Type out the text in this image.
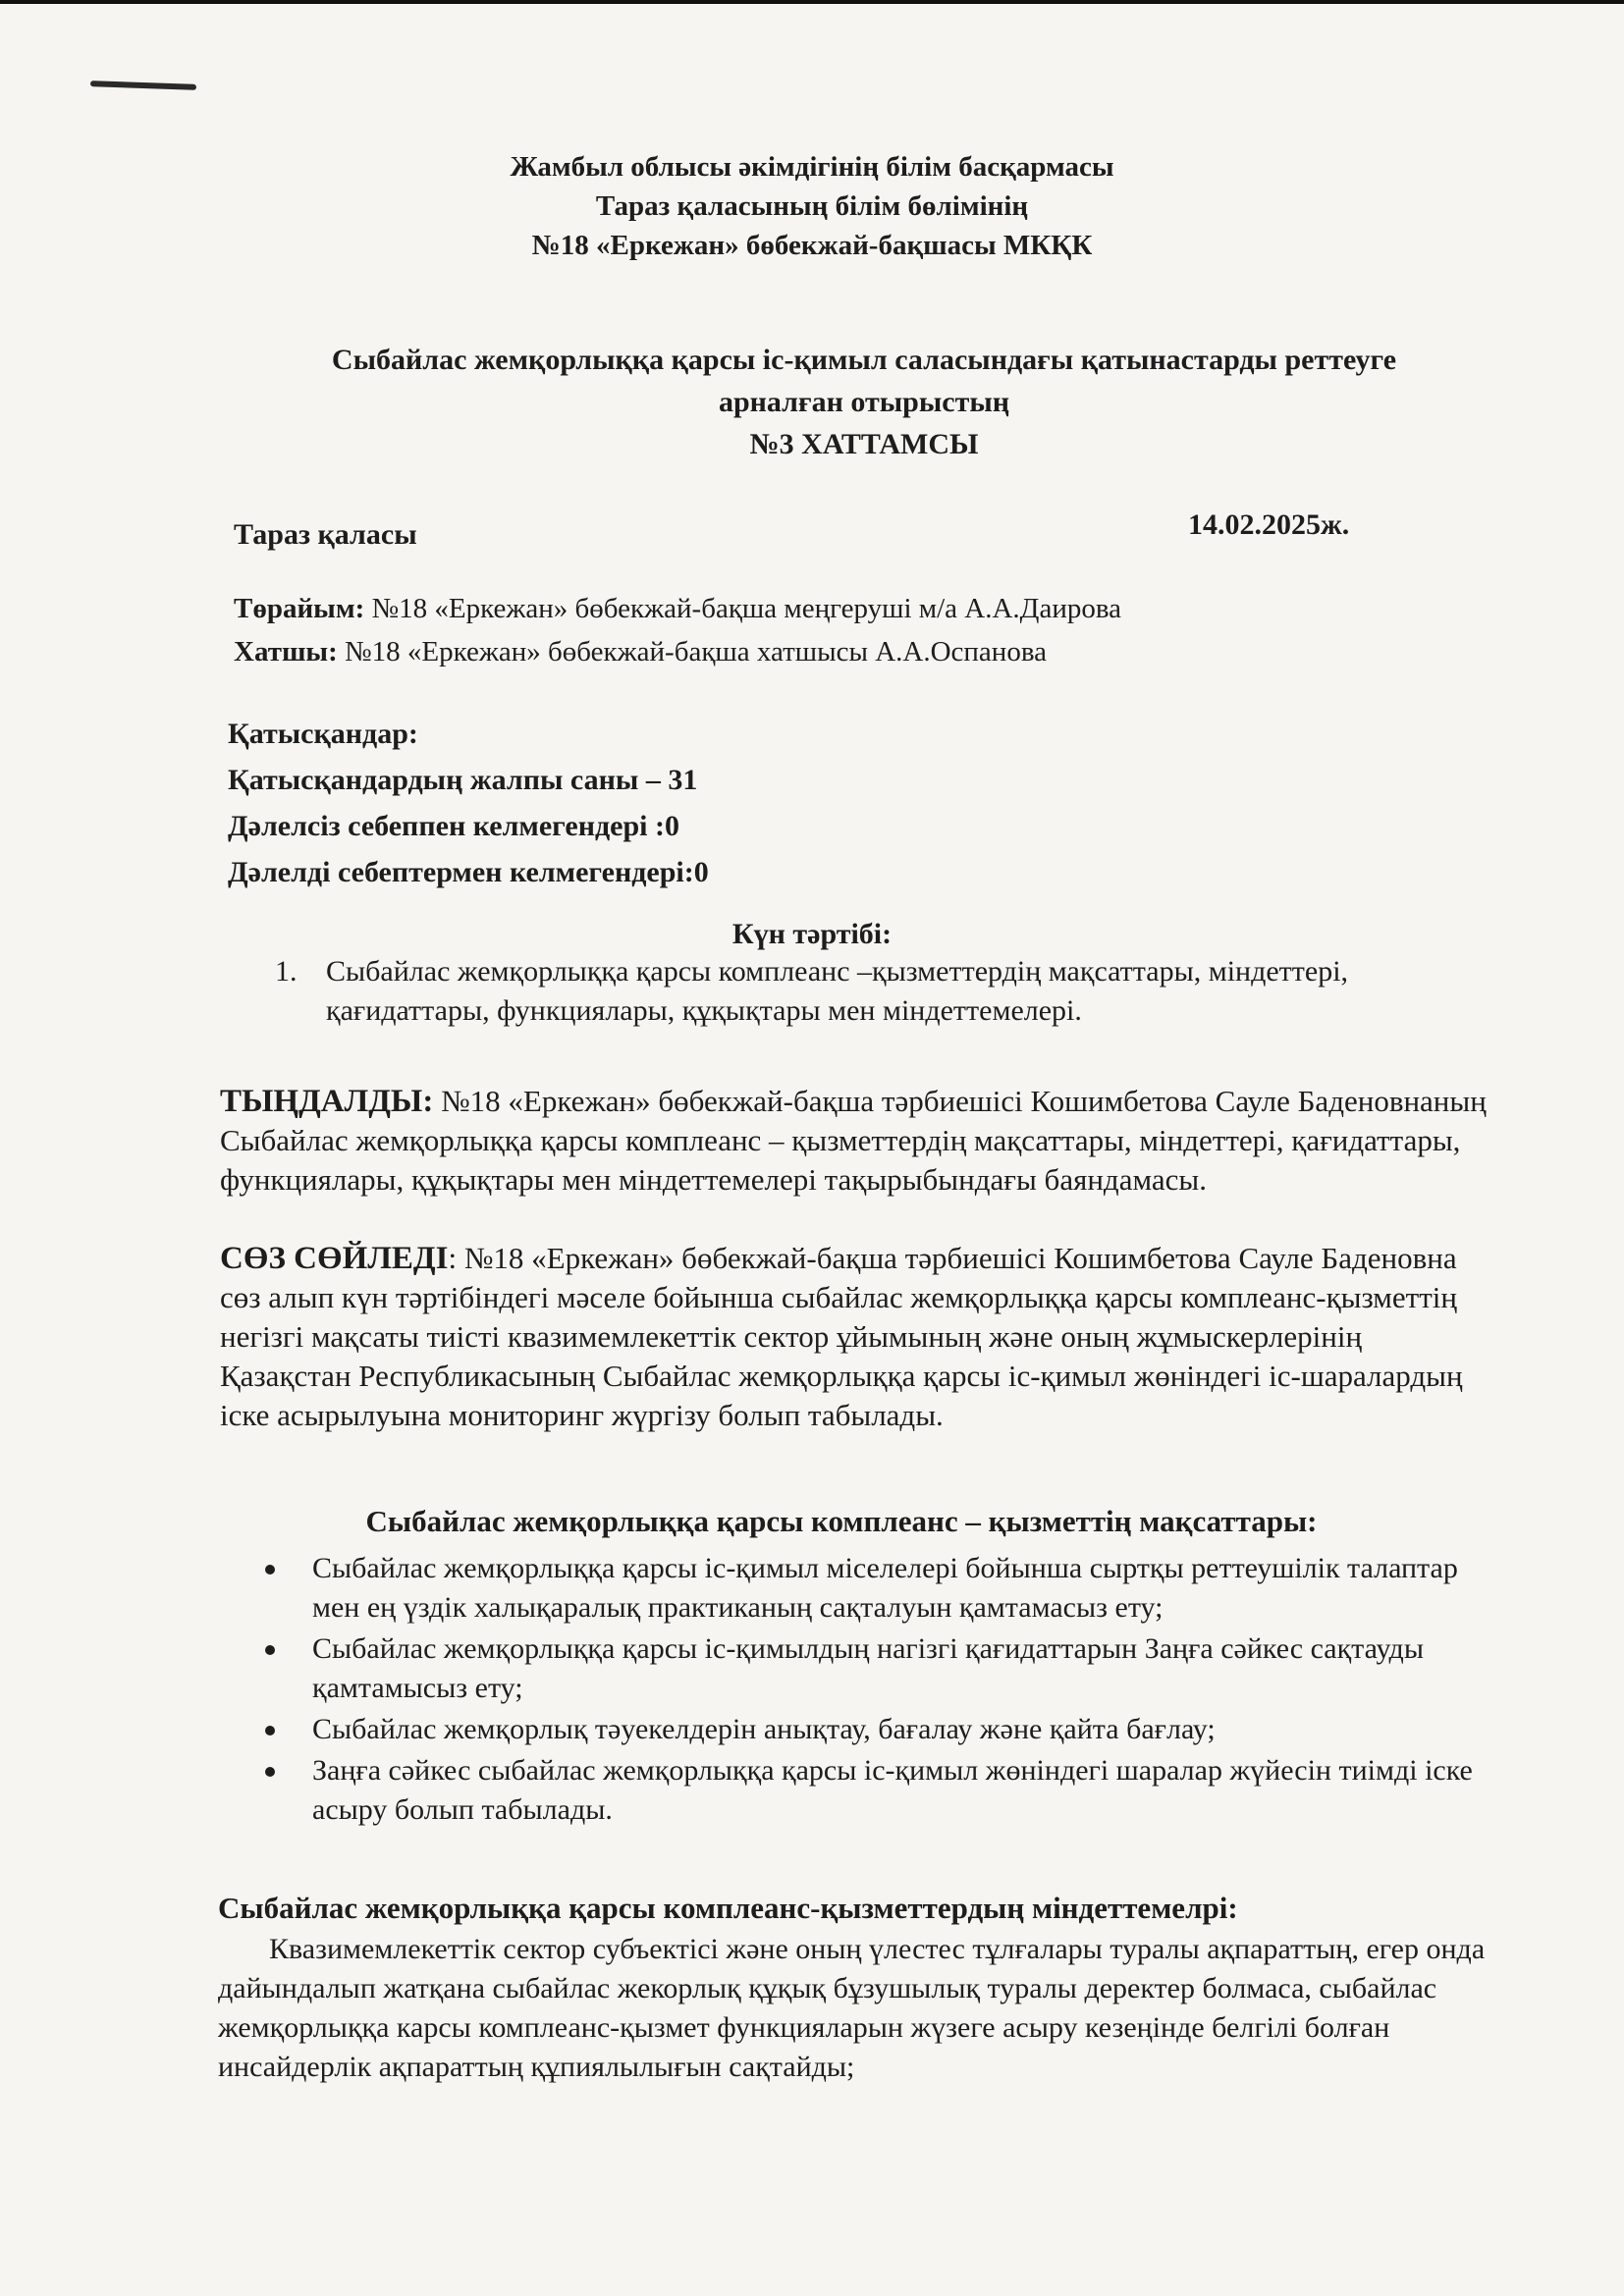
Жамбыл облысы әкімдігінің білім басқармасы
Тараз қаласының білім бөлімінің
№18 «Еркежан» бөбекжай-бақшасы МКҚК
Сыбайлас жемқорлыққа қарсы іс-қимыл саласындағы қатынастарды реттеуге
арналған отырыстың
№3 ХАТТАМСЫ
Тараз қаласы	14.02.2025ж.
Төрайым: №18 «Еркежан» бөбекжай-бақша меңгеруші м/а А.А.Даирова
Хатшы: №18 «Еркежан» бөбекжай-бақша хатшысы А.А.Оспанова
Қатысқандар:
Қатысқандардың жалпы саны – 31
Дәлелсіз себеппен келмегендері :0
Дәлелді себептермен келмегендері:0
Күн тәртібі:
1. Сыбайлас жемқорлыққа қарсы комплеанс –қызметтердің мақсаттары, міндеттері, қағидаттары, функциялары, құқықтары мен міндеттемелері.
ТЫҢДАЛДЫ: №18 «Еркежан» бөбекжай-бақша тәрбиешісі Кошимбетова Сауле Баденовнаның Сыбайлас жемқорлыққа қарсы комплеанс – қызметтердің мақсаттары, міндеттері, қағидаттары, функциялары, құқықтары мен міндеттемелері тақырыбындағы баяндамасы.
СӨЗ СӨЙЛЕДІ: №18 «Еркежан» бөбекжай-бақша тәрбиешісі Кошимбетова Сауле Баденовна сөз алып күн тәртібіндегі мәселе бойынша сыбайлас жемқорлыққа қарсы комплеанс-қызметтің негізгі мақсаты тиісті квазимемлекеттік сектор ұйымының және оның жұмыскерлерінің Қазақстан Республикасының Сыбайлас жемқорлыққа қарсы іс-қимыл жөніндегі іс-шаралардың іске асырылуына мониторинг жүргізу болып табылады.
Сыбайлас жемқорлыққа қарсы комплеанс – қызметтің мақсаттары:
Сыбайлас жемқорлыққа қарсы іс-қимыл мiселелерi бойынша сыртқы реттеушілік талаптар мен ең үздік халықаралық практиканың сақталуын қамтамасыз ету;
Сыбайлас жемқорлыққа қарсы іс-қимылдың нагізгі қағидаттарын Заңға сәйкес сақтауды қамтамысыз ету;
Сыбайлас жемқорлық тәуекелдерін анықтау, бағалау және қайта бағлау;
Заңға сәйкес сыбайлас жемқорлыққа қарсы іс-қимыл жөніндегі шаралар жүйесін тиімді іске асыру болып табылады.
Сыбайлас жемқорлыққа қарсы комплеанс-қызметтердың міндеттемелрі:
Квазимемлекеттік сектор субъектісі және оның үлестес тұлғалары туралы ақпараттың, егер онда дайындалып жатқана сыбайлас жекорлық құқық бұзушылық туралы деректер болмаса, сыбайлас жемқорлыққа карсы комплеанс-қызмет функцияларын жүзеге асыру кезеңінде белгілі болған инсайдерлік ақпараттың құпиялылығын сақтайды;
